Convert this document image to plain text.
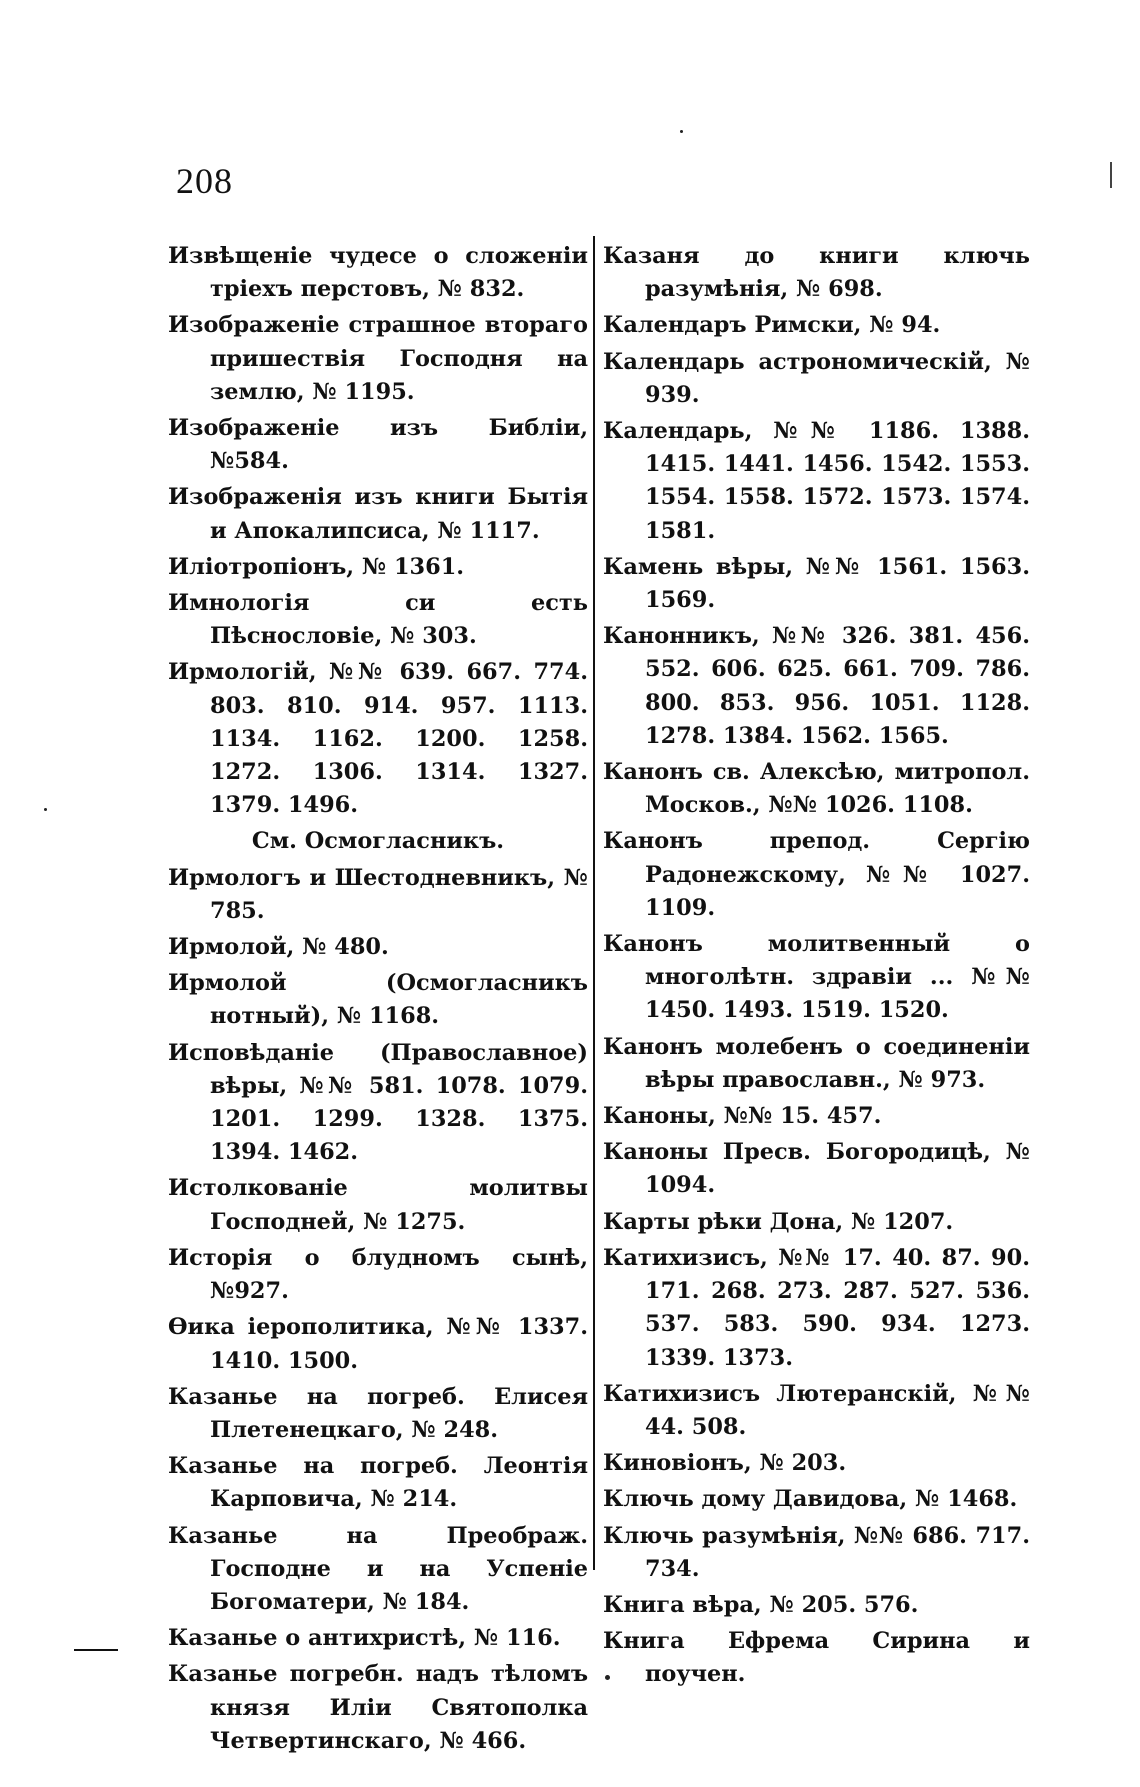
208
Извѣщеніе чудесе о сложеніи тріехъ перстовъ, № 832.
Изображеніе страшное втораго пришествія Господня на землю, № 1195.
Изображеніе изъ Библіи, №584.
Изображенія изъ книги Бытія и Апокалипсиса, № 1117.
Иліотропіонъ, № 1361.
Имнологія си есть Пѣснословіе, № 303.
Ирмологій, №№ 639. 667. 774. 803. 810. 914. 957. 1113. 1134. 1162. 1200. 1258. 1272. 1306. 1314. 1327. 1379. 1496.
См. Осмогласникъ.
Ирмологъ и Шестодневникъ, № 785.
Ирмолой, № 480.
Ирмолой (Осмогласникъ нотный), № 1168.
Исповѣданіе (Православное) вѣры, №№ 581. 1078. 1079. 1201. 1299. 1328. 1375. 1394. 1462.
Истолкованіе молитвы Господней, № 1275.
Исторія о блудномъ сынѣ, №927.
Ѳика іерополитика, №№ 1337. 1410. 1500.
Казанье на погреб. Елисея Плетенецкаго, № 248.
Казанье на погреб. Леонтія Карповича, № 214.
Казанье на Преображ. Господне и на Успеніе Богоматери, № 184.
Казанье о антихристѣ, № 116.
Казанье погребн. надъ тѣломъ князя Иліи Святополка Четвертинскаго, № 466.
Казаня до книги ключь разумѣнія, № 698.
Календаръ Римски, № 94.
Календарь астрономическій, № 939.
Календарь, №№ 1186. 1388. 1415. 1441. 1456. 1542. 1553. 1554. 1558. 1572. 1573. 1574. 1581.
Камень вѣры, №№ 1561. 1563. 1569.
Канонникъ, №№ 326. 381. 456. 552. 606. 625. 661. 709. 786. 800. 853. 956. 1051. 1128. 1278. 1384. 1562. 1565.
Канонъ св. Алексѣю, митропол. Москов., №№ 1026. 1108.
Канонъ препод. Сергію Радонежскому, №№ 1027. 1109.
Канонъ молитвенный о многолѣтн. здравіи ... №№ 1450. 1493. 1519. 1520.
Канонъ молебенъ о соединеніи вѣры православн., № 973.
Каноны, №№ 15. 457.
Каноны Пресв. Богородицѣ, № 1094.
Карты рѣки Дона, № 1207.
Катихизисъ, №№ 17. 40. 87. 90. 171. 268. 273. 287. 527. 536. 537. 583. 590. 934. 1273. 1339. 1373.
Катихизисъ Лютеранскій, №№ 44. 508.
Киновіонъ, № 203.
Ключь дому Давидова, № 1468.
Ключь разумѣнія, №№ 686. 717. 734.
Книга вѣра, № 205. 576.
Книга Ефрема Сирина и поучен.
